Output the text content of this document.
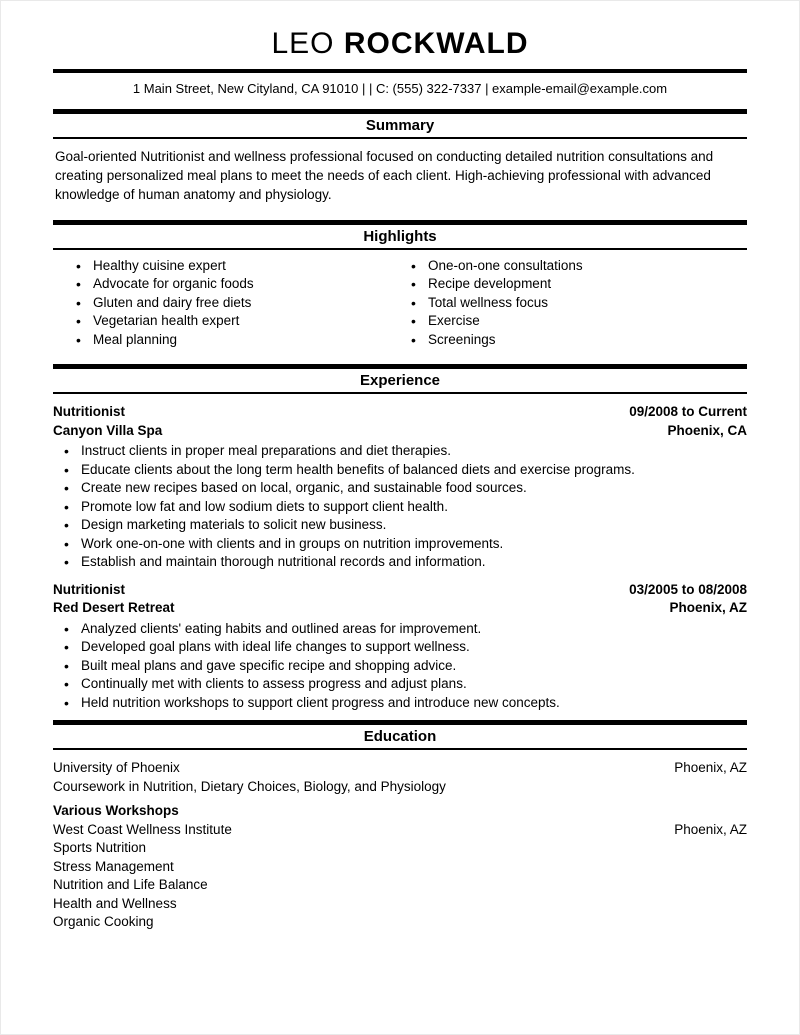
LEO ROCKWALD
1 Main Street, New Cityland, CA 91010 | | C: (555) 322-7337 | example-email@example.com
Summary
Goal-oriented Nutritionist and wellness professional focused on conducting detailed nutrition consultations and creating personalized meal plans to meet the needs of each client. High-achieving professional with advanced knowledge of human anatomy and physiology.
Highlights
• Healthy cuisine expert
• Advocate for organic foods
• Gluten and dairy free diets
• Vegetarian health expert
• Meal planning
• One-on-one consultations
• Recipe development
• Total wellness focus
• Exercise
• Screenings
Experience
Nutritionist	09/2008 to Current
Canyon Villa Spa	Phoenix, CA
• Instruct clients in proper meal preparations and diet therapies.
• Educate clients about the long term health benefits of balanced diets and exercise programs.
• Create new recipes based on local, organic, and sustainable food sources.
• Promote low fat and low sodium diets to support client health.
• Design marketing materials to solicit new business.
• Work one-on-one with clients and in groups on nutrition improvements.
• Establish and maintain thorough nutritional records and information.
Nutritionist	03/2005 to 08/2008
Red Desert Retreat	Phoenix, AZ
• Analyzed clients' eating habits and outlined areas for improvement.
• Developed goal plans with ideal life changes to support wellness.
• Built meal plans and gave specific recipe and shopping advice.
• Continually met with clients to assess progress and adjust plans.
• Held nutrition workshops to support client progress and introduce new concepts.
Education
University of Phoenix	Phoenix, AZ
Coursework in Nutrition, Dietary Choices, Biology, and Physiology
Various Workshops
West Coast Wellness Institute	Phoenix, AZ
Sports Nutrition
Stress Management
Nutrition and Life Balance
Health and Wellness
Organic Cooking
